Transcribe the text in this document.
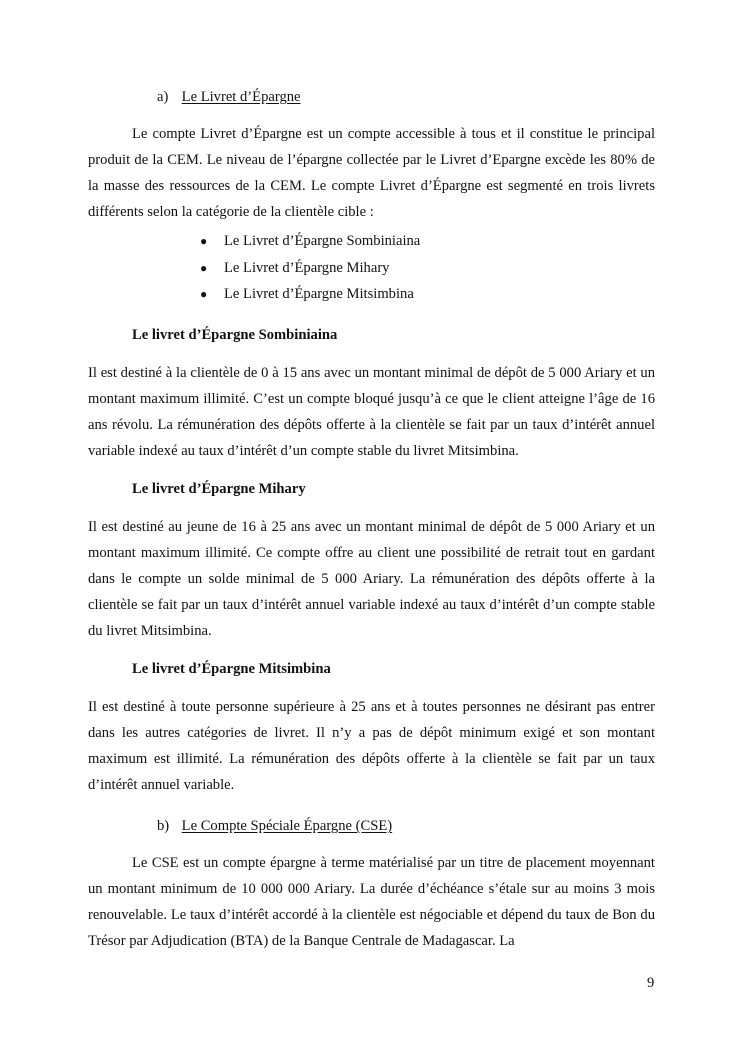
a) Le Livret d’Épargne

Le compte Livret d’Épargne est un compte accessible à tous et il constitue le principal produit de la CEM. Le niveau de l’épargne collectée par le Livret d’Epargne excède les 80% de la masse des ressources de la CEM. Le compte Livret d’Épargne est segmenté en trois livrets différents selon la catégorie de la clientèle cible :

● Le Livret d’Épargne Sombiniaina
● Le Livret d’Épargne Mihary
● Le Livret d’Épargne Mitsimbina

Le livret d’Épargne Sombiniaina

Il est destiné à la clientèle de 0 à 15 ans avec un montant minimal de dépôt de 5 000 Ariary et un montant maximum illimité. C’est un compte bloqué jusqu’à ce que le client atteigne l’âge de 16 ans révolu. La rémunération des dépôts offerte à la clientèle se fait par un taux d’intérêt annuel variable indexé au taux d’intérêt d’un compte stable du livret Mitsimbina.

Le livret d’Épargne Mihary

Il est destiné au jeune de 16 à 25 ans avec un montant minimal de dépôt de 5 000 Ariary et un montant maximum illimité. Ce compte offre au client une possibilité de retrait tout en gardant dans le compte un solde minimal de 5 000 Ariary. La rémunération des dépôts offerte à la clientèle se fait par un taux d’intérêt annuel variable indexé au taux d’intérêt d’un compte stable du livret Mitsimbina.

Le livret d’Épargne Mitsimbina

Il est destiné à toute personne supérieure à 25 ans et à toutes personnes ne désirant pas entrer dans les autres catégories de livret. Il n’y a pas de dépôt minimum exigé et son montant maximum est illimité. La rémunération des dépôts offerte à la clientèle se fait par un taux d’intérêt annuel variable.

b) Le Compte Spéciale Épargne (CSE)

Le CSE est un compte épargne à terme matérialisé par un titre de placement moyennant un montant minimum de 10 000 000 Ariary. La durée d’échéance s’étale sur au moins 3 mois renouvelable. Le taux d’intérêt accordé à la clientèle est négociable et dépend du taux de Bon du Trésor par Adjudication (BTA) de la Banque Centrale de Madagascar. La

9
